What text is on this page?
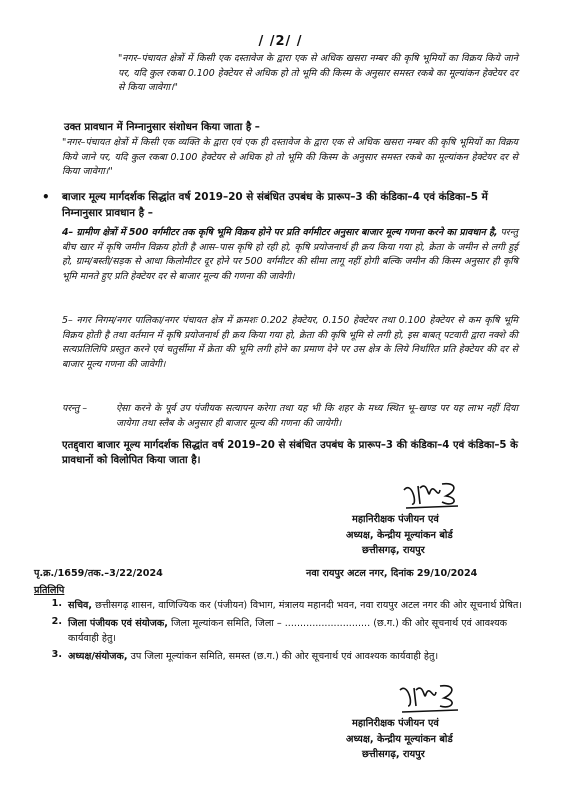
/ /2/ /
"नगर–पंचायत क्षेत्रों में किसी एक दस्तावेज के द्वारा एक से अधिक खसरा नम्बर की कृषि भूमियों का विक्रय किये जाने पर, यदि कुल रकबा 0.100 हेक्टेयर से अधिक हो तो भूमि की किस्म के अनुसार समस्त रकबे का मूल्यांकन हेक्टेयर दर से किया जावेगा।"
उक्त प्रावधान में निम्नानुसार संशोधन किया जाता है –
"नगर–पंचायत क्षेत्रों में किसी एक व्यक्ति के द्वारा एवं एक ही दस्तावेज के द्वारा एक से अधिक खसरा नम्बर की कृषि भूमियों का विक्रय किये जाने पर, यदि कुल रकबा 0.100 हेक्टेयर से अधिक हो तो भूमि की किस्म के अनुसार समस्त रकबे का मूल्यांकन हेक्टेयर दर से किया जावेगा।"
• बाजार मूल्य मार्गदर्शक सिद्धांत वर्ष 2019–20 से संबंधित उपबंध के प्रारूप–3 की कंडिका–4 एवं कंडिका–5 में निम्नानुसार प्रावधान है –
4– ग्रामीण क्षेत्रों में 500 वर्गमीटर तक कृषि भूमि विक्रय होने पर प्रति वर्गमीटर अनुसार बाजार मूल्य गणना करने का प्रावधान है, परन्तु बीच खार में कृषि जमीन विक्रय होती है आस–पास कृषि हो रही हो, कृषि प्रयोजनार्थ ही क्रय किया गया हो, क्रेता के जमीन से लगी हुई हो, ग्राम/बस्ती/सड़क से आधा किलोमीटर दूर होने पर 500 वर्गमीटर की सीमा लागू नहीं होगी बल्कि जमीन की किस्म अनुसार ही कृषि भूमि मानते हुए प्रति हेक्टेयर दर से बाजार मूल्य की गणना की जावेगी।
5– नगर निगम/नगर पालिका/नगर पंचायत क्षेत्र में क्रमशः 0.202 हेक्टेयर, 0.150 हेक्टेयर तथा 0.100 हेक्टेयर से कम कृषि भूमि विक्रय होती है तथा वर्तमान में कृषि प्रयोजनार्थ ही क्रय किया गया हो, क्रेता की कृषि भूमि से लगी हो, इस बाबत् पटवारी द्वारा नक्शे की सत्यप्रतिलिपि प्रस्तुत करने एवं चतुर्सीमा में क्रेता की भूमि लगी होने का प्रमाण देने पर उस क्षेत्र के लिये निर्धारित प्रति हेक्टेयर की दर से बाजार मूल्य गणना की जावेगी।
परन्तु –	ऐसा करने के पूर्व उप पंजीयक सत्यापन करेगा तथा यह भी कि शहर के मध्य स्थित भू–खण्ड पर यह लाभ नहीं दिया जायेगा तथा स्लैब के अनुसार ही बाजार मूल्य की गणना की जायेगी।
एतद्द्वारा बाजार मूल्य मार्गदर्शक सिद्धांत वर्ष 2019–20 से संबंधित उपबंध के प्रारूप–3 की कंडिका–4 एवं कंडिका–5 के प्रावधानों को विलोपित किया जाता है।
महानिरीक्षक पंजीयन एवं
अध्यक्ष, केन्द्रीय मूल्यांकन बोर्ड
छत्तीसगढ़, रायपुर
पृ.क्र./1659/तक.–3/22/2024	नवा रायपुर अटल नगर, दिनांक 29/10/2024
प्रतिलिपि
1. सचिव, छत्तीसगढ़ शासन, वाणिज्यिक कर (पंजीयन) विभाग, मंत्रालय महानदी भवन, नवा रायपुर अटल नगर की ओर सूचनार्थ प्रेषित।
2. जिला पंजीयक एवं संयोजक, जिला मूल्यांकन समिति, जिला – ............................ (छ.ग.) की ओर सूचनार्थ एवं आवश्यक कार्यवाही हेतु।
3. अध्यक्ष/संयोजक, उप जिला मूल्यांकन समिति, समस्त (छ.ग.) की ओर सूचनार्थ एवं आवश्यक कार्यवाही हेतु।
महानिरीक्षक पंजीयन एवं
अध्यक्ष, केन्द्रीय मूल्यांकन बोर्ड
छत्तीसगढ़, रायपुर
